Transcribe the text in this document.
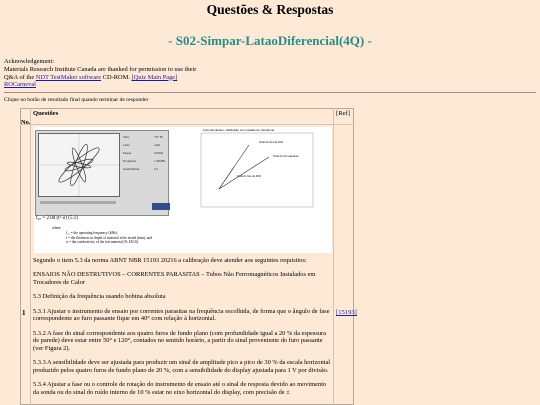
Questões & Respostas
- S02-Simpar-LataoDiferencial(4Q) -
Acknowledgement:
Materials Research Institute Canada are thanked for permission to use their
Q&A of the NDT TestMaker software CD-ROM. [Quiz Main Page]
ROCarneval
Clique no botão de resultado final quando terminar de responder
No.
Questões	[Ref]
1	[15193]
Tubo
Latão
Espess.
Frequência
Sensibilidade
7/8" Br
Adm
0.049in
1.00MHz
0.4
Formula abaixo: calibração com padrão de referência
Sinal do furo de 20%
Sinal do furo passante
Sinal do furo de 40%
f₉₀ = 2.00 (t²·σ) (5.1)
where
f₉₀ = the operating frequency (kHz),
t = the thickness or depth of material to be tested (mm), and
σ = the conductivity of the test material (% IACS).

Segundo o item 5.3 da norma ABNT NBR 15193 20216 a calibração deve atender aos seguintes requisitos:

ENSAIOS NÃO DESTRUTIVOS – CORRENTES PARASITAS – Tubos Não Ferromagnéticos Instalados em Trocadores de Calor

5.3 Definição da frequência usando bobina absoluta

5.3.1 Ajustar o instrumento de ensaio por correntes parasitas na frequência escolhida, de forma que o ângulo de fase correspondente ao furo passante fique em 40° com relação à horizontal.

5.3.2 A fase do sinal correspondente aos quatro furos de fundo plano (com profundidade igual a 20 % da espessura de parede) deve estar entre 50° e 120°, contados no sentido horário, a partir do sinal proveniente do furo passante (ver Figura 2).

5.3.3 A sensibilidade deve ser ajustada para produzir um sinal de amplitude pico a pico de 30 % da escala horizontal produzido pelos quatro furos de fundo plano de 20 %, com a sensibilidade do display ajustada para 1 V por divisão.

5.3.4 Ajustar a fase ou o controle de rotação do instrumento de ensaio até o sinal de resposta devido ao movimento da sonda ou do sinal do ruído interno de 10 % estar no eixo horizontal do display, com precisão de ±
